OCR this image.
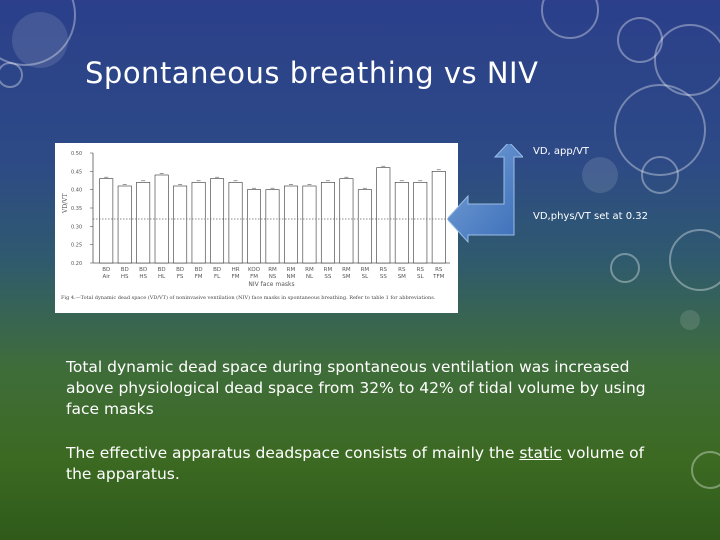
Spontaneous breathing vs NIV
0.50
0.45
0.40
0.35
0.30
0.25
0.20
VD/VT
BD
Air
BD
HS
BD
HS
BD
HL
BD
FS
BD
FM
BD
FL
HR
FM
KOO
FM
RM
NS
RM
NM
RM
NL
RM
SS
RM
SM
RM
SL
RS
SS
RS
SM
RS
SL
RS
TFM
NIV face masks
Fig 4.—Total dynamic dead space (VD/VT) of noninvasive ventilation (NIV) face masks in spontaneous breathing. Refer to table 1 for abbreviations.
VD, app/VT
VD,phys/VT set at 0.32
Total dynamic dead space during spontaneous ventilation was increased above physiological dead space from 32% to 42% of tidal volume by using face masks
The effective apparatus deadspace consists of mainly the static volume of the apparatus.
